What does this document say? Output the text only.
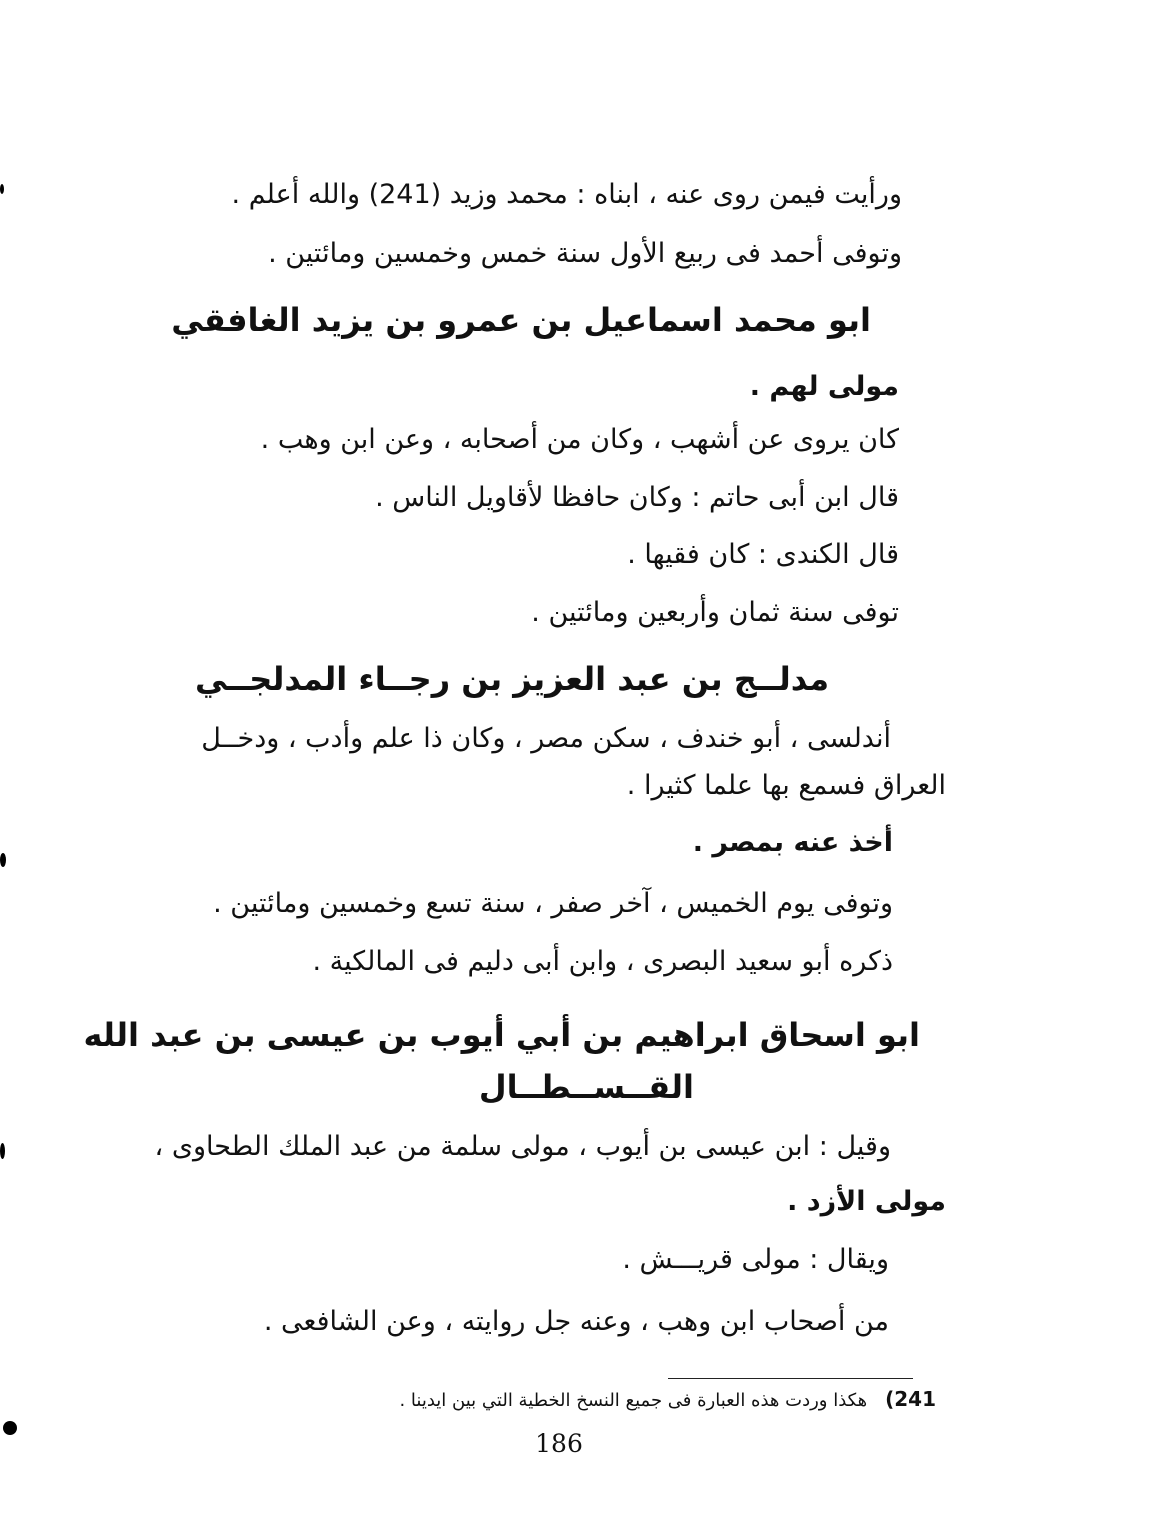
ورأيت فيمن روى عنه ، ابناه : محمد وزيد (241) والله أعلم .
وتوفى أحمد فى ربيع الأول سنة خمس وخمسين ومائتين .
ابو محمد اسماعيل بن عمرو بن يزيد الغافقي
مولى لهم .
كان يروى عن أشهب ، وكان من أصحابه ، وعن ابن وهب .
قال ابن أبى حاتم : وكان حافظا لأقاويل الناس .
قال الكندى : كان فقيها .
توفى سنة ثمان وأربعين ومائتين .
مدلــج بن عبد العزيز بن رجــاء المدلجــي
أندلسى ، أبو خندف ، سكن مصر ، وكان ذا علم وأدب ، ودخــل
العراق فسمع بها علما كثيرا .
أخذ عنه بمصر .
وتوفى يوم الخميس ، آخر صفر ، سنة تسع وخمسين ومائتين .
ذكره أبو سعيد البصرى ، وابن أبى دليم فى المالكية .
ابو اسحاق ابراهيم بن أبي أيوب بن عيسى بن عبد الله
القــســطــال
وقيل : ابن عيسى بن أيوب ، مولى سلمة من عبد الملك الطحاوى ،
مولى الأزد .
ويقال : مولى قريـــش .
من أصحاب ابن وهب ، وعنه جل روايته ، وعن الشافعى .
241)هكذا وردت هذه العبارة فى جميع النسخ الخطية التي بين ايدينا .
186
